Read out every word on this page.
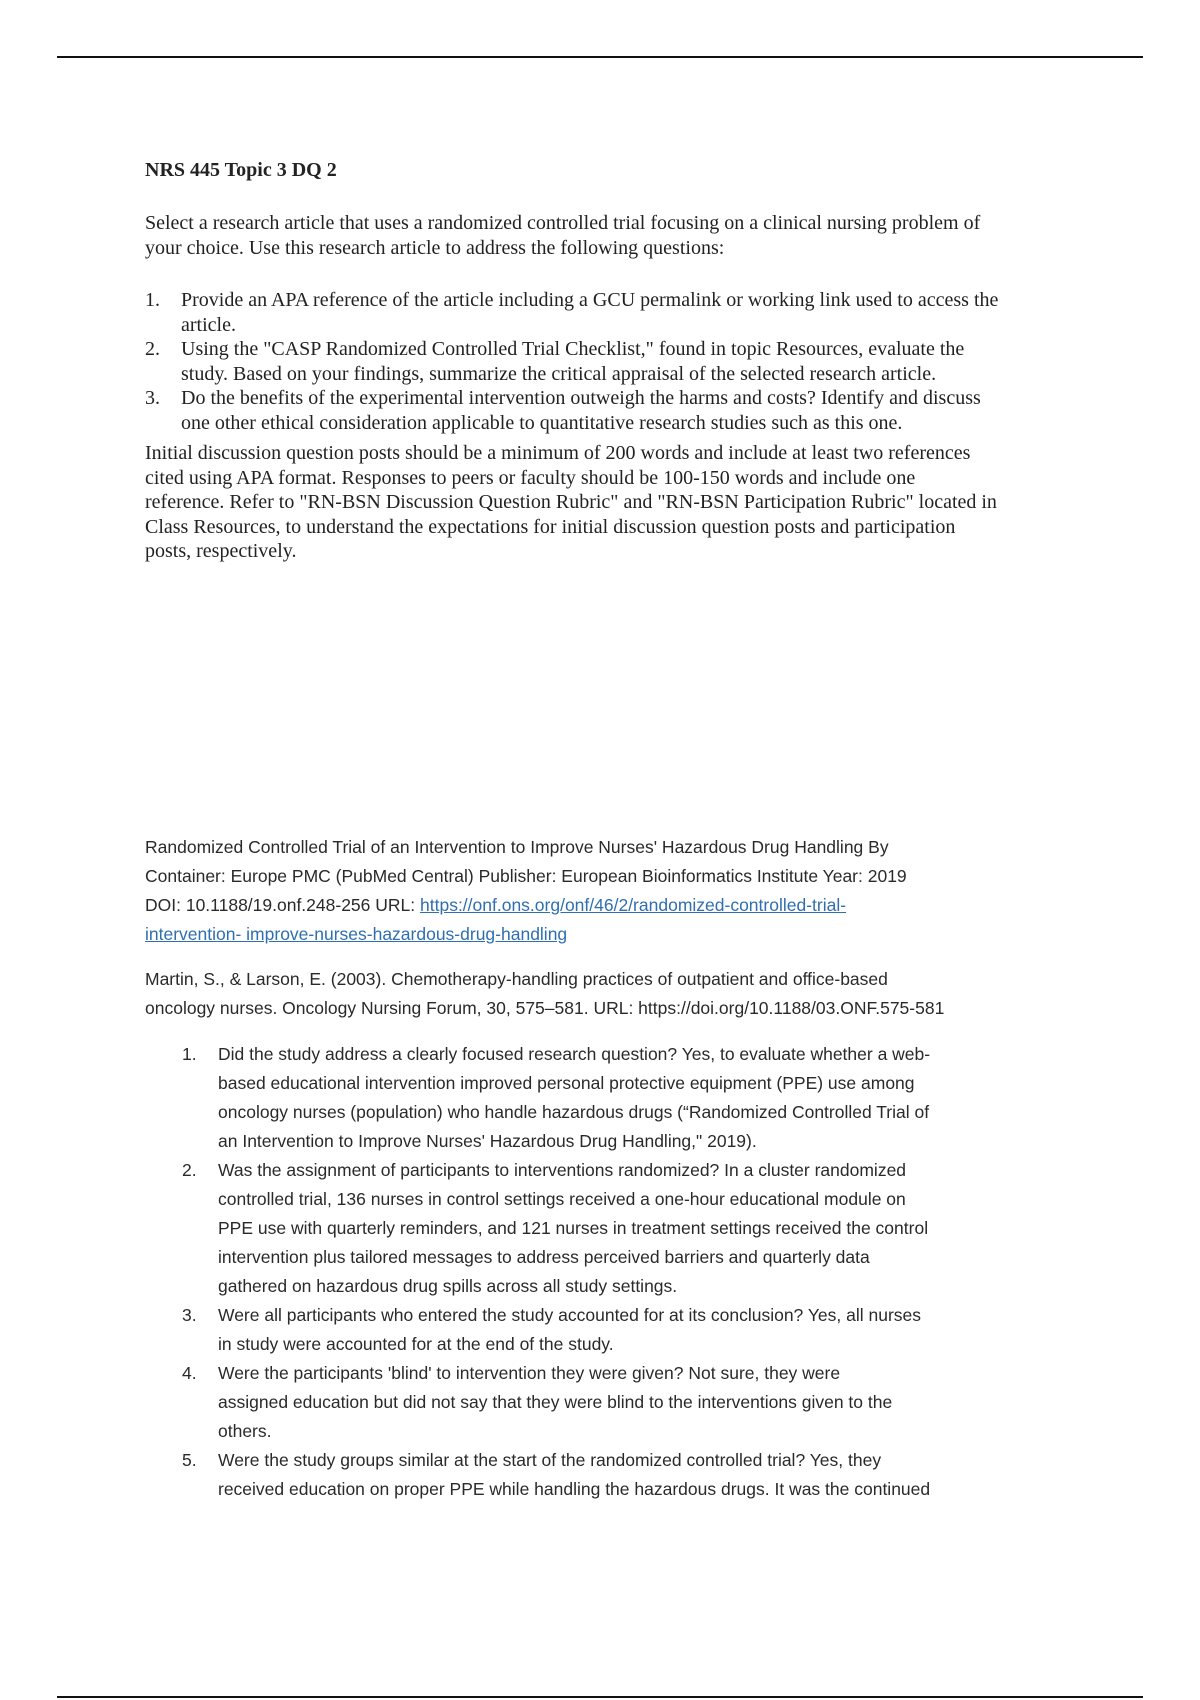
NRS 445 Topic 3 DQ 2
Select a research article that uses a randomized controlled trial focusing on a clinical nursing problem of
your choice. Use this research article to address the following questions:
1. Provide an APA reference of the article including a GCU permalink or working link used to access the
article.
2. Using the "CASP Randomized Controlled Trial Checklist," found in topic Resources, evaluate the
study. Based on your findings, summarize the critical appraisal of the selected research article.
3. Do the benefits of the experimental intervention outweigh the harms and costs? Identify and discuss
one other ethical consideration applicable to quantitative research studies such as this one.
Initial discussion question posts should be a minimum of 200 words and include at least two references
cited using APA format. Responses to peers or faculty should be 100-150 words and include one
reference. Refer to "RN-BSN Discussion Question Rubric" and "RN-BSN Participation Rubric" located in
Class Resources, to understand the expectations for initial discussion question posts and participation
posts, respectively.
Randomized Controlled Trial of an Intervention to Improve Nurses' Hazardous Drug Handling By
Container: Europe PMC (PubMed Central) Publisher: European Bioinformatics Institute Year: 2019
DOI: 10.1188/19.onf.248-256 URL: https://onf.ons.org/onf/46/2/randomized-controlled-trial-
intervention- improve-nurses-hazardous-drug-handling
Martin, S., & Larson, E. (2003). Chemotherapy-handling practices of outpatient and office-based
oncology nurses. Oncology Nursing Forum, 30, 575–581. URL: https://doi.org/10.1188/03.ONF.575-581
1. Did the study address a clearly focused research question? Yes, to evaluate whether a web-
based educational intervention improved personal protective equipment (PPE) use among
oncology nurses (population) who handle hazardous drugs (“Randomized Controlled Trial of
an Intervention to Improve Nurses' Hazardous Drug Handling," 2019).
2. Was the assignment of participants to interventions randomized? In a cluster randomized
controlled trial, 136 nurses in control settings received a one-hour educational module on
PPE use with quarterly reminders, and 121 nurses in treatment settings received the control
intervention plus tailored messages to address perceived barriers and quarterly data
gathered on hazardous drug spills across all study settings.
3. Were all participants who entered the study accounted for at its conclusion? Yes, all nurses
in study were accounted for at the end of the study.
4. Were the participants 'blind' to intervention they were given? Not sure, they were
assigned education but did not say that they were blind to the interventions given to the
others.
5. Were the study groups similar at the start of the randomized controlled trial? Yes, they
received education on proper PPE while handling the hazardous drugs. It was the continued
